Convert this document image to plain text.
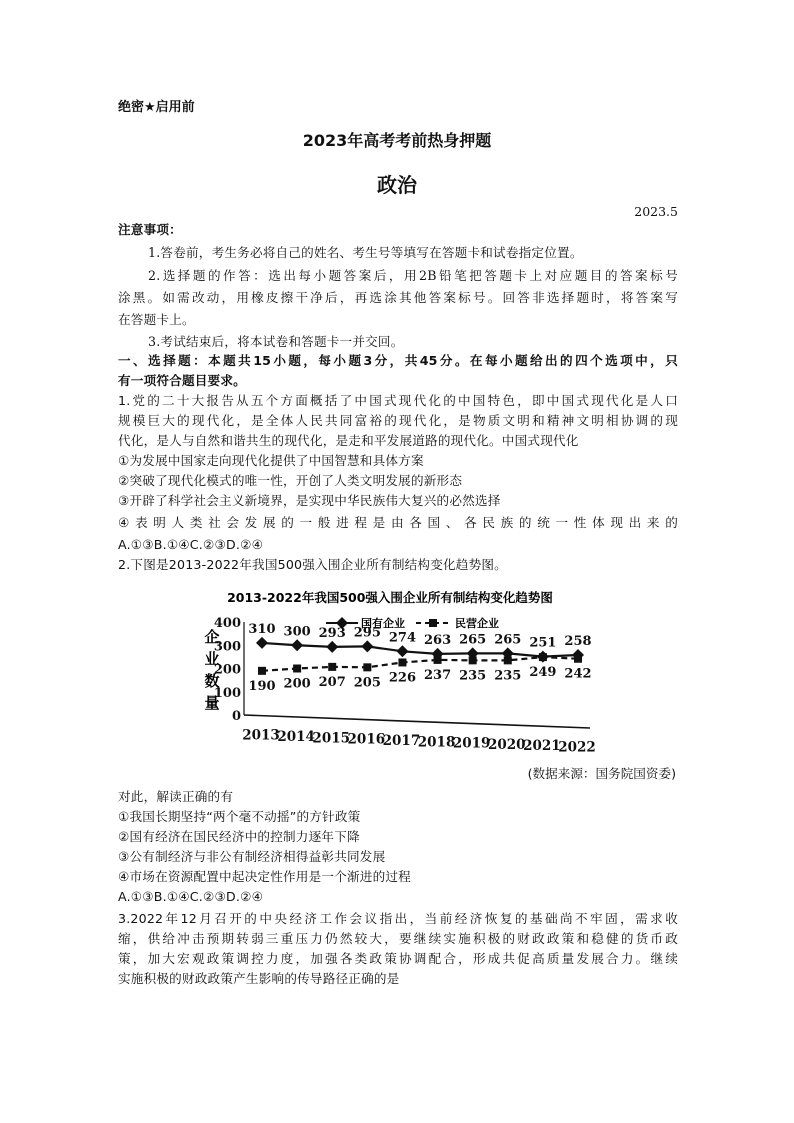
绝密★启用前
2023年高考考前热身押题
政治
2023.5
注意事项：
1.答卷前，考生务必将自己的姓名、考生号等填写在答题卡和试卷指定位置。
2.选择题的作答：选出每小题答案后，用2B铅笔把答题卡上对应题目的答案标号
涂黑。如需改动，用橡皮擦干净后，再选涂其他答案标号。回答非选择题时，将答案写
在答题卡上。
3.考试结束后，将本试卷和答题卡一并交回。
一、选择题：本题共15小题，每小题3分，共45分。在每小题给出的四个选项中，只
有一项符合题目要求。
1.党的二十大报告从五个方面概括了中国式现代化的中国特色，即中国式现代化是人口
规模巨大的现代化，是全体人民共同富裕的现代化，是物质文明和精神文明相协调的现
代化，是人与自然和谐共生的现代化，是走和平发展道路的现代化。中国式现代化
①为发展中国家走向现代化提供了中国智慧和具体方案
②突破了现代化模式的唯一性，开创了人类文明发展的新形态
③开辟了科学社会主义新境界，是实现中华民族伟大复兴的必然选择
④表明人类社会发展的一般进程是由各国、各民族的统一性体现出来的
A.①③B.①④C.②③D.②④
2.下图是2013-2022年我国500强入围企业所有制结构变化趋势图。
2013-2022年我国500强入围企业所有制结构变化趋势图
企
业
数
量
0
100
200
300
400	国有企业	民营企业
310 300 293 295 274 263 265 265 251 258
190 200 207 205 226 237 235 235 249 242
2013
2014
2015
2016
2017
2018
2019
2020
2021
2022
(数据来源：国务院国资委)
对此，解读正确的有
①我国长期坚持“两个毫不动摇”的方针政策
②国有经济在国民经济中的控制力逐年下降
③公有制经济与非公有制经济相得益彰共同发展
④市场在资源配置中起决定性作用是一个渐进的过程
A.①③B.①④C.②③D.②④
3.2022年12月召开的中央经济工作会议指出，当前经济恢复的基础尚不牢固，需求收
缩，供给冲击预期转弱三重压力仍然较大，要继续实施积极的财政政策和稳健的货币政
策，加大宏观政策调控力度，加强各类政策协调配合，形成共促高质量发展合力。继续
实施积极的财政政策产生影响的传导路径正确的是
